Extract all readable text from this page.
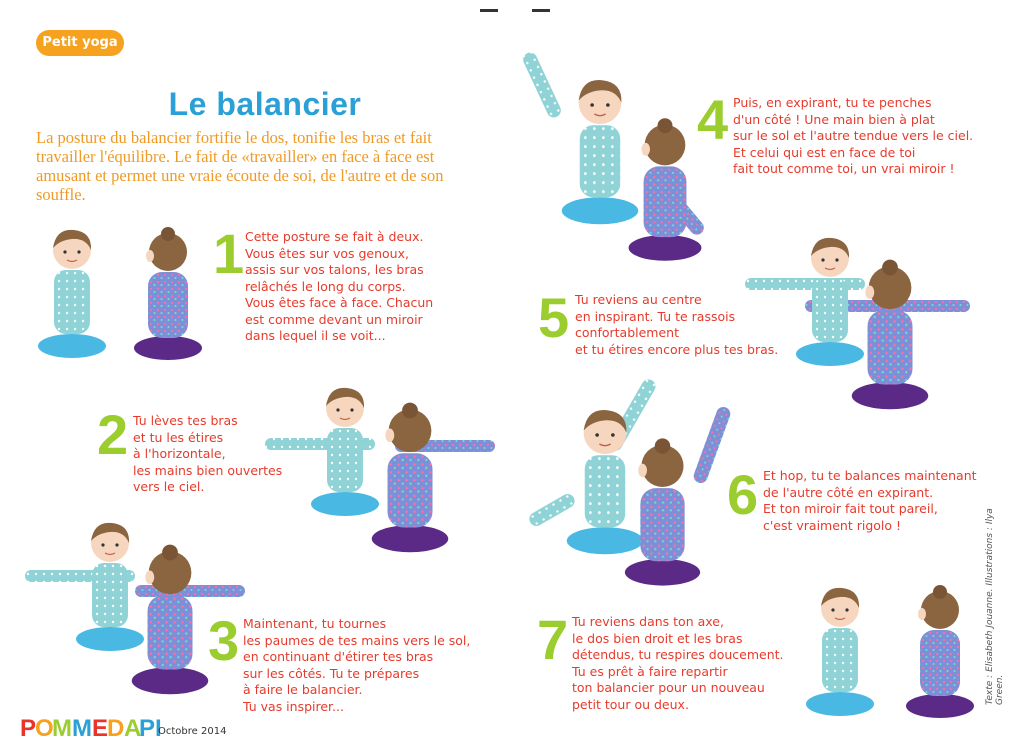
Petit yoga
Le balancier
La posture du balancier fortifie le dos, tonifie les bras et fait travailler l'équilibre. Le fait de «travailler» en face à face est amusant et permet une vraie écoute de soi, de l'autre et de son souffle.
1 Cette posture se fait à deux.
Vous êtes sur vos genoux,
assis sur vos talons, les bras
relâchés le long du corps.
Vous êtes face à face. Chacun
est comme devant un miroir
dans lequel il se voit...
2 Tu lèves tes bras
et tu les étires
à l'horizontale,
les mains bien ouvertes
vers le ciel.
3 Maintenant, tu tournes
les paumes de tes mains vers le sol,
en continuant d'étirer tes bras
sur les côtés. Tu te prépares
à faire le balancier.
Tu vas inspirer...
4 Puis, en expirant, tu te penches
d'un côté ! Une main bien à plat
sur le sol et l'autre tendue vers le ciel.
Et celui qui est en face de toi
fait tout comme toi, un vrai miroir !
5 Tu reviens au centre
en inspirant. Tu te rassois
confortablement
et tu étires encore plus tes bras.
6 Et hop, tu te balances maintenant
de l'autre côté en expirant.
Et ton miroir fait tout pareil,
c'est vraiment rigolo !
7 Tu reviens dans ton axe,
le dos bien droit et les bras
détendus, tu respires doucement.
Tu es prêt à faire repartir
ton balancier pour un nouveau
petit tour ou deux.
P
O
M M E
D A
PI
Octobre 2014
Texte : Elisabeth Jouanne. Illustrations : Ilya Green.
